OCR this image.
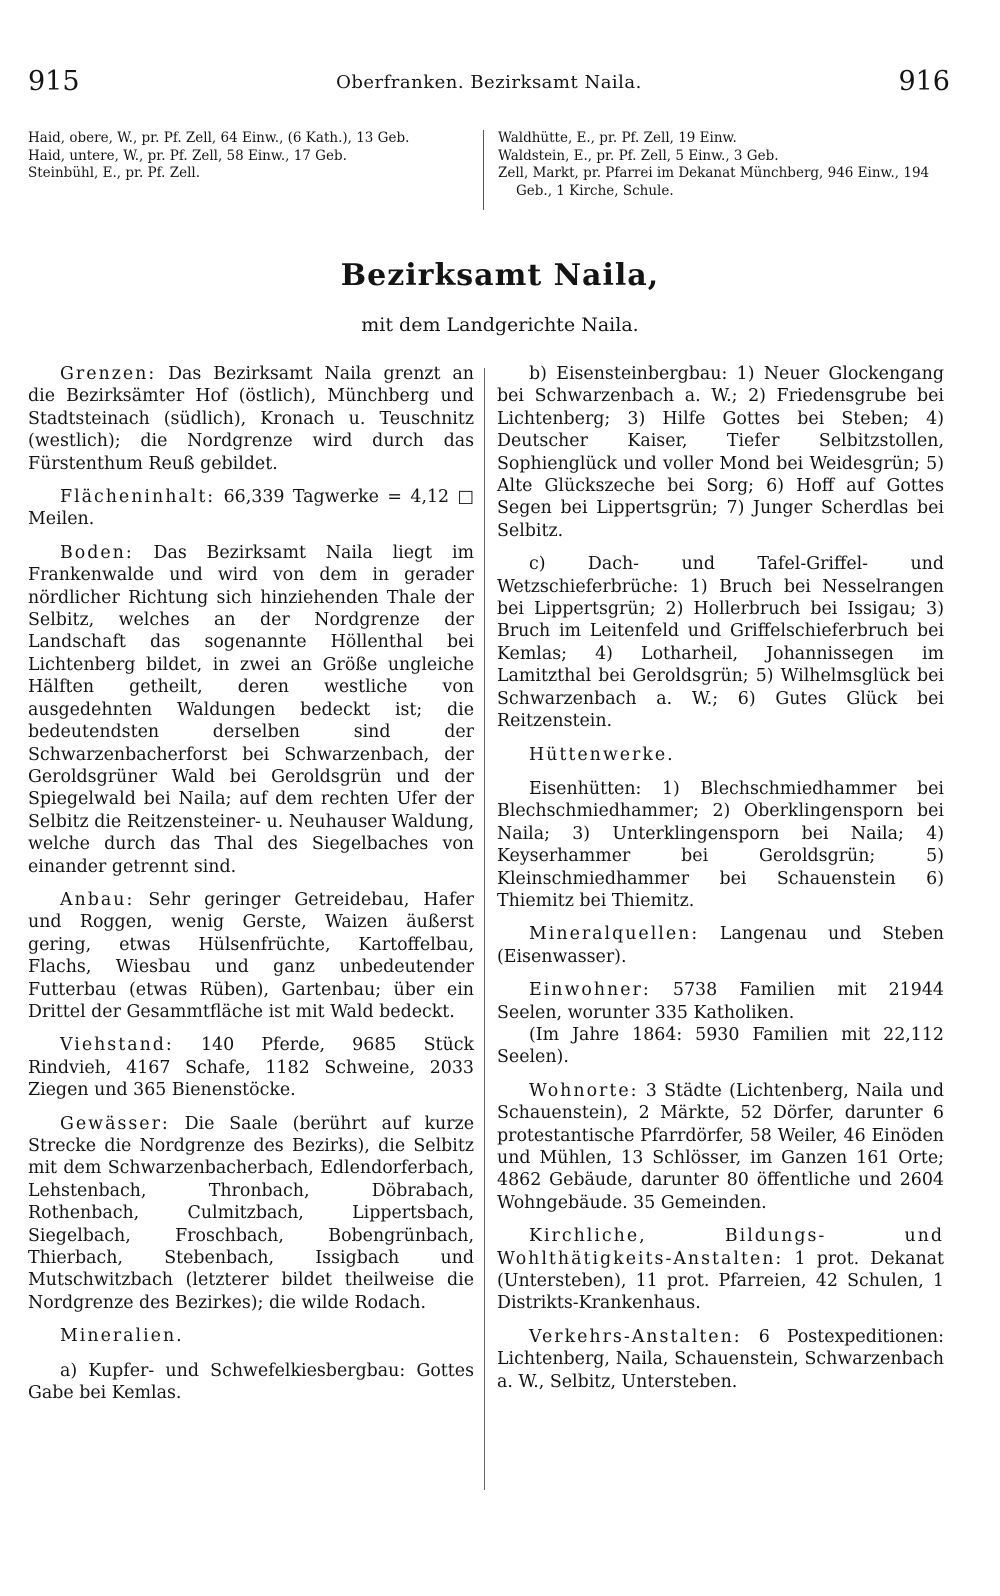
915	Oberfranken. Bezirksamt Naila.	916

Haid, obere, W., pr. Pf. Zell, 64 Einw., (6 Kath.), 13 Geb.

Haid, untere, W., pr. Pf. Zell, 58 Einw., 17 Geb.

Steinbühl, E., pr. Pf. Zell.

Waldhütte, E., pr. Pf. Zell, 19 Einw.

Waldstein, E., pr. Pf. Zell, 5 Einw., 3 Geb.

Zell, Markt, pr. Pfarrei im Dekanat Münchberg, 946 Einw., 194 Geb., 1 Kirche, Schule.

Bezirksamt Naila,
mit dem Landgerichte Naila.

Grenzen: Das Bezirksamt Naila grenzt an die Bezirksämter Hof (östlich), Münchberg und Stadtsteinach (südlich), Kronach u. Teuschnitz (westlich); die Nordgrenze wird durch das Fürstenthum Reuß gebildet.

Flächeninhalt: 66,339 Tagwerke = 4,12 □ Meilen.

Boden: Das Bezirksamt Naila liegt im Frankenwalde und wird von dem in gerader nördlicher Richtung sich hinziehenden Thale der Selbitz, welches an der Nordgrenze der Landschaft das sogenannte Höllenthal bei Lichtenberg bildet, in zwei an Größe ungleiche Hälften getheilt, deren westliche von ausgedehnten Waldungen bedeckt ist; die bedeutendsten derselben sind der Schwarzenbacherforst bei Schwarzenbach, der Geroldsgrüner Wald bei Geroldsgrün und der Spiegelwald bei Naila; auf dem rechten Ufer der Selbitz die Reitzensteiner- u. Neuhauser Waldung, welche durch das Thal des Siegelbaches von einander getrennt sind.

Anbau: Sehr geringer Getreidebau, Hafer und Roggen, wenig Gerste, Waizen äußerst gering, etwas Hülsenfrüchte, Kartoffelbau, Flachs, Wiesbau und ganz unbedeutender Futterbau (etwas Rüben), Gartenbau; über ein Drittel der Gesammtfläche ist mit Wald bedeckt.

Viehstand: 140 Pferde, 9685 Stück Rindvieh, 4167 Schafe, 1182 Schweine, 2033 Ziegen und 365 Bienenstöcke.

Gewässer: Die Saale (berührt auf kurze Strecke die Nordgrenze des Bezirks), die Selbitz mit dem Schwarzenbacherbach, Edlendorferbach, Lehstenbach, Thronbach, Döbrabach, Rothenbach, Culmitzbach, Lippertsbach, Siegelbach, Froschbach, Bobengrünbach, Thierbach, Stebenbach, Issigbach und Mutschwitzbach (letzterer bildet theilweise die Nordgrenze des Bezirkes); die wilde Rodach.

Mineralien.

a) Kupfer- und Schwefelkiesbergbau: Gottes Gabe bei Kemlas.

b) Eisensteinbergbau: 1) Neuer Glockengang bei Schwarzenbach a. W.; 2) Friedensgrube bei Lichtenberg; 3) Hilfe Gottes bei Steben; 4) Deutscher Kaiser, Tiefer Selbitzstollen, Sophienglück und voller Mond bei Weidesgrün; 5) Alte Glückszeche bei Sorg; 6) Hoff auf Gottes Segen bei Lippertsgrün; 7) Junger Scherdlas bei Selbitz.

c) Dach- und Tafel-Griffel- und Wetzschieferbrüche: 1) Bruch bei Nesselrangen bei Lippertsgrün; 2) Hollerbruch bei Issigau; 3) Bruch im Leitenfeld und Griffelschieferbruch bei Kemlas; 4) Lotharheil, Johannissegen im Lamitzthal bei Geroldsgrün; 5) Wilhelmsglück bei Schwarzenbach a. W.; 6) Gutes Glück bei Reitzenstein.

Hüttenwerke.

Eisenhütten: 1) Blechschmiedhammer bei Blechschmiedhammer; 2) Oberklingensporn bei Naila; 3) Unterklingensporn bei Naila; 4) Keyserhammer bei Geroldsgrün; 5) Kleinschmiedhammer bei Schauenstein 6) Thiemitz bei Thiemitz.

Mineralquellen: Langenau und Steben (Eisenwasser).

Einwohner: 5738 Familien mit 21944 Seelen, worunter 335 Katholiken.

(Im Jahre 1864: 5930 Familien mit 22,112 Seelen).

Wohnorte: 3 Städte (Lichtenberg, Naila und Schauenstein), 2 Märkte, 52 Dörfer, darunter 6 protestantische Pfarrdörfer, 58 Weiler, 46 Einöden und Mühlen, 13 Schlösser, im Ganzen 161 Orte; 4862 Gebäude, darunter 80 öffentliche und 2604 Wohngebäude. 35 Gemeinden.

Kirchliche, Bildungs- und Wohlthätigkeits-Anstalten: 1 prot. Dekanat (Untersteben), 11 prot. Pfarreien, 42 Schulen, 1 Distrikts-Krankenhaus.

Verkehrs-Anstalten: 6 Postexpeditionen: Lichtenberg, Naila, Schauenstein, Schwarzenbach a. W., Selbitz, Untersteben.
